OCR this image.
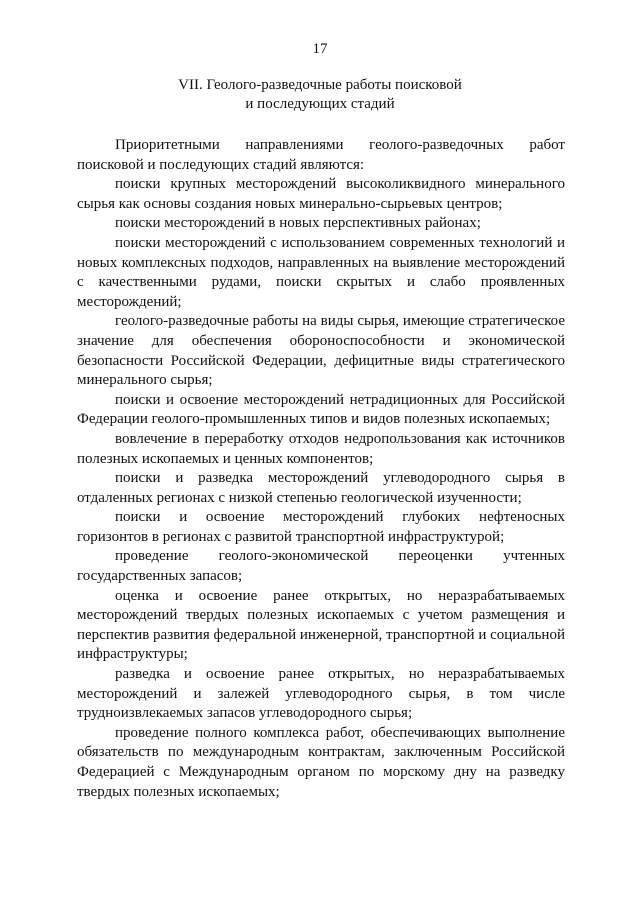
17
VII. Геолого-разведочные работы поисковой
и последующих стадий

Приоритетными направлениями геолого-разведочных работ поисковой и последующих стадий являются:

поиски крупных месторождений высоколиквидного минерального сырья как основы создания новых минерально-сырьевых центров;

поиски месторождений в новых перспективных районах;

поиски месторождений с использованием современных технологий и новых комплексных подходов, направленных на выявление месторождений с качественными рудами, поиски скрытых и слабо проявленных месторождений;

геолого-разведочные работы на виды сырья, имеющие стратегическое значение для обеспечения обороноспособности и экономической безопасности Российской Федерации, дефицитные виды стратегического минерального сырья;

поиски и освоение месторождений нетрадиционных для Российской Федерации геолого-промышленных типов и видов полезных ископаемых;

вовлечение в переработку отходов недропользования как источников полезных ископаемых и ценных компонентов;

поиски и разведка месторождений углеводородного сырья в отдаленных регионах с низкой степенью геологической изученности;

поиски и освоение месторождений глубоких нефтеносных горизонтов в регионах с развитой транспортной инфраструктурой;

проведение геолого-экономической переоценки учтенных государственных запасов;

оценка и освоение ранее открытых, но неразрабатываемых месторождений твердых полезных ископаемых с учетом размещения и перспектив развития федеральной инженерной, транспортной и социальной инфраструктуры;

разведка и освоение ранее открытых, но неразрабатываемых месторождений и залежей углеводородного сырья, в том числе трудноизвлекаемых запасов углеводородного сырья;

проведение полного комплекса работ, обеспечивающих выполнение обязательств по международным контрактам, заключенным Российской Федерацией с Международным органом по морскому дну на разведку твердых полезных ископаемых;
